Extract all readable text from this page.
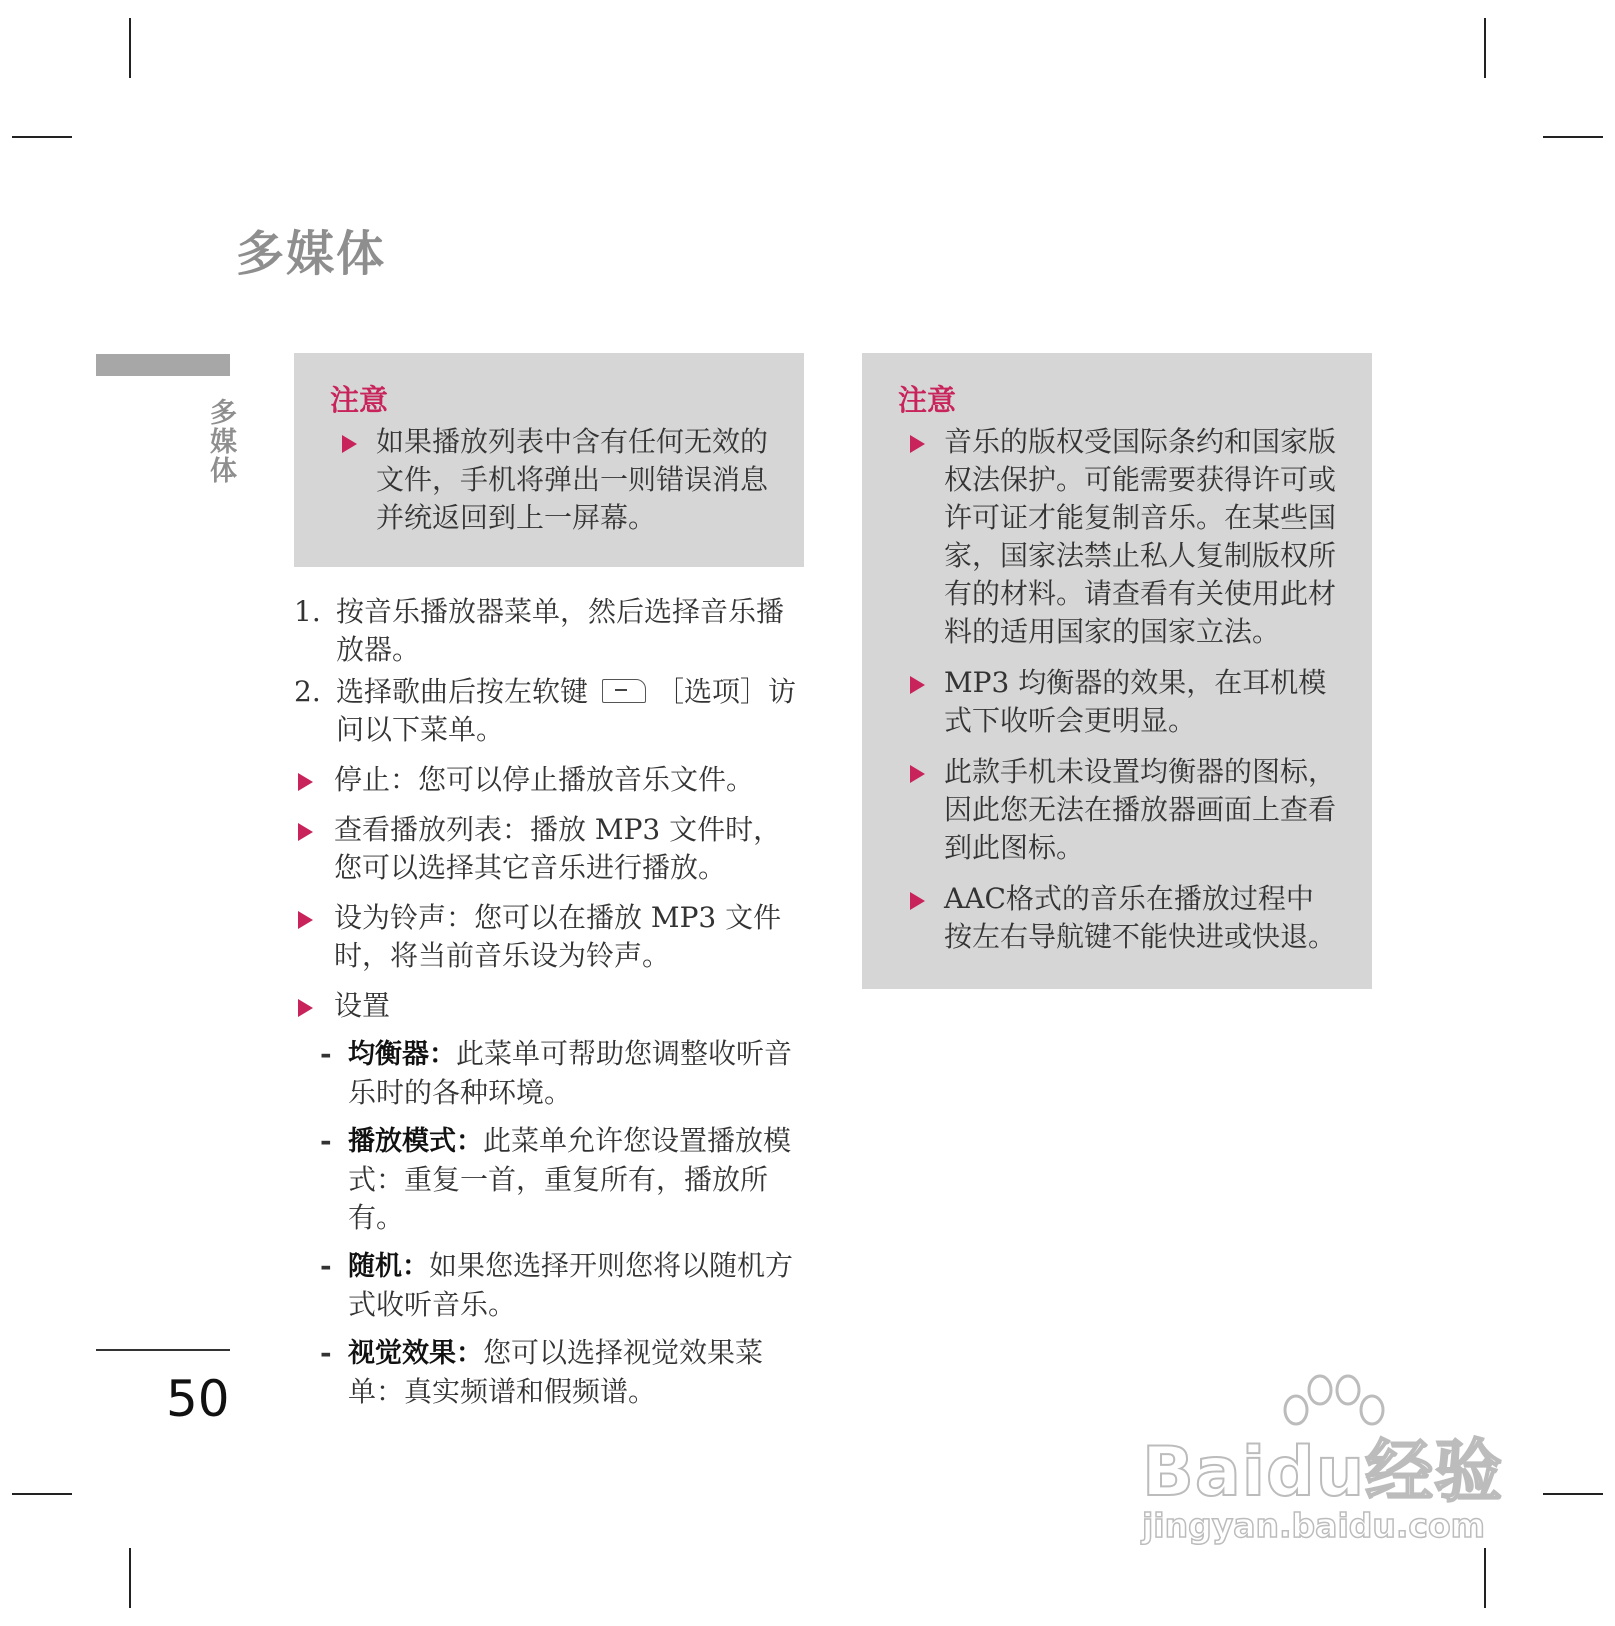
多媒体
多媒体
50
注意
如果播放列表中含有任何无效的文件，手机将弹出一则错误消息并统返回到上一屏幕。
1. 按音乐播放器菜单，然后选择音乐播放器。
2. 选择歌曲后按左软键 ［选项］访问以下菜单。
停止：您可以停止播放音乐文件。
查看播放列表：播放 MP3 文件时，您可以选择其它音乐进行播放。
设为铃声：您可以在播放 MP3 文件时，将当前音乐设为铃声。
设置
- 均衡器：此菜单可帮助您调整收听音乐时的各种环境。
- 播放模式：此菜单允许您设置播放模式：重复一首，重复所有，播放所有。
- 随机：如果您选择开则您将以随机方式收听音乐。
- 视觉效果：您可以选择视觉效果菜单：真实频谱和假频谱。
注意
音乐的版权受国际条约和国家版权法保护。可能需要获得许可或许可证才能复制音乐。在某些国家，国家法禁止私人复制版权所有的材料。请查看有关使用此材料的适用国家的国家立法。
MP3 均衡器的效果，在耳机模式下收听会更明显。
此款手机未设置均衡器的图标，因此您无法在播放器画面上查看到此图标。
AAC格式的音乐在播放过程中按左右导航键不能快进或快退。
Baidu经验
jingyan.baidu.com
